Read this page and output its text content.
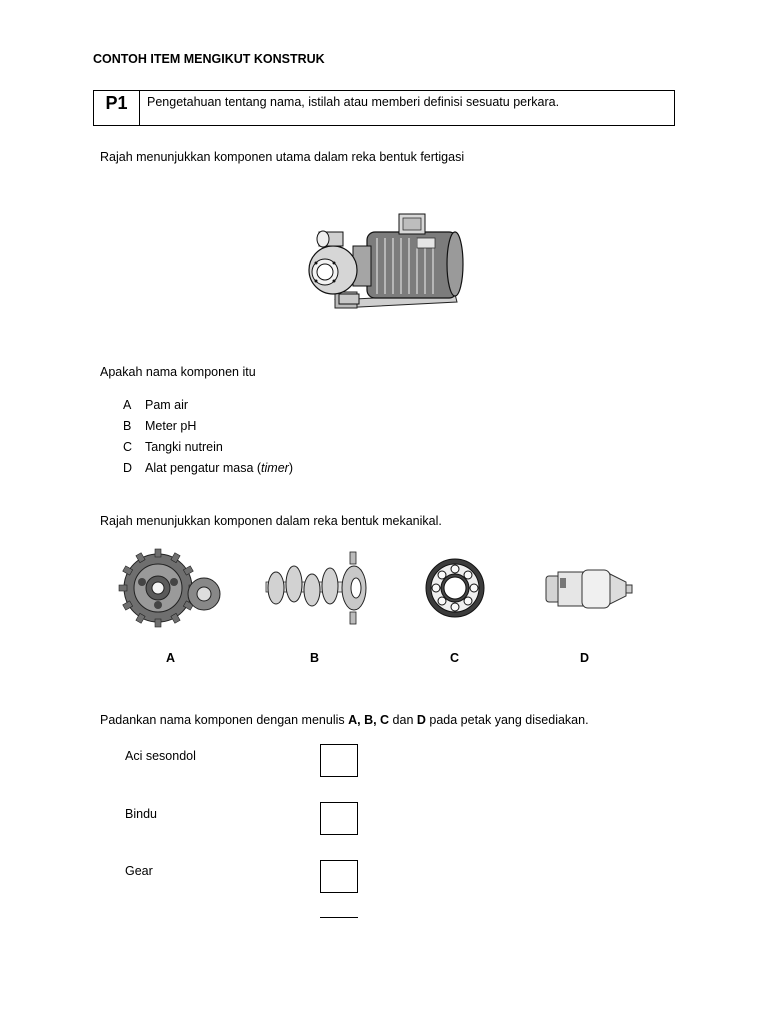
CONTOH ITEM MENGIKUT KONSTRUK
P1	Pengetahuan tentang nama, istilah atau memberi definisi sesuatu perkara.
Rajah menunjukkan komponen utama dalam reka bentuk fertigasi
Apakah nama komponen itu
A	Pam air
B	Meter pH
C	Tangki nutrein
D	Alat pengatur masa (timer)
Rajah menunjukkan komponen dalam reka bentuk mekanikal.
A	B	C	D
Padankan nama komponen dengan menulis A, B, C dan D pada petak yang disediakan.
Aci sesondol
Bindu
Gear
